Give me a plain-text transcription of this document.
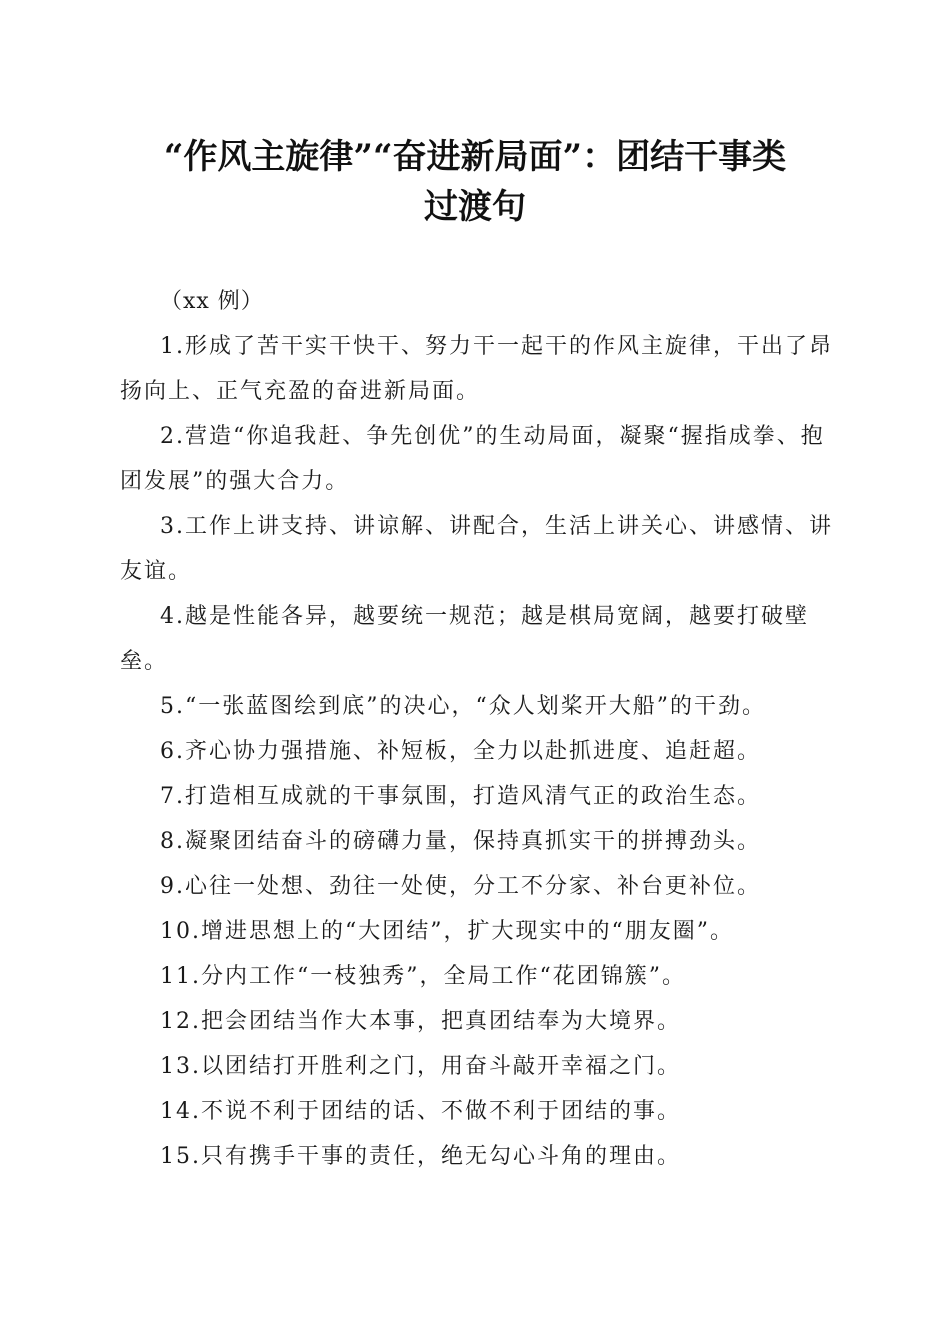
“作风主旋律”“奋进新局面”：团结干事类
过渡句

（xx 例）

1.形成了苦干实干快干、努力干一起干的作风主旋律，干出了昂扬向上、正气充盈的奋进新局面。

2.营造“你追我赶、争先创优”的生动局面，凝聚“握指成拳、抱团发展”的强大合力。

3.工作上讲支持、讲谅解、讲配合，生活上讲关心、讲感情、讲友谊。

4.越是性能各异，越要统一规范；越是棋局宽阔，越要打破壁垒。

5.“一张蓝图绘到底”的决心，“众人划桨开大船”的干劲。

6.齐心协力强措施、补短板，全力以赴抓进度、追赶超。

7.打造相互成就的干事氛围，打造风清气正的政治生态。

8.凝聚团结奋斗的磅礴力量，保持真抓实干的拼搏劲头。

9.心往一处想、劲往一处使，分工不分家、补台更补位。

10.增进思想上的“大团结”，扩大现实中的“朋友圈”。

11.分内工作“一枝独秀”，全局工作“花团锦簇”。

12.把会团结当作大本事，把真团结奉为大境界。

13.以团结打开胜利之门，用奋斗敲开幸福之门。

14.不说不利于团结的话、不做不利于团结的事。

15.只有携手干事的责任，绝无勾心斗角的理由。
